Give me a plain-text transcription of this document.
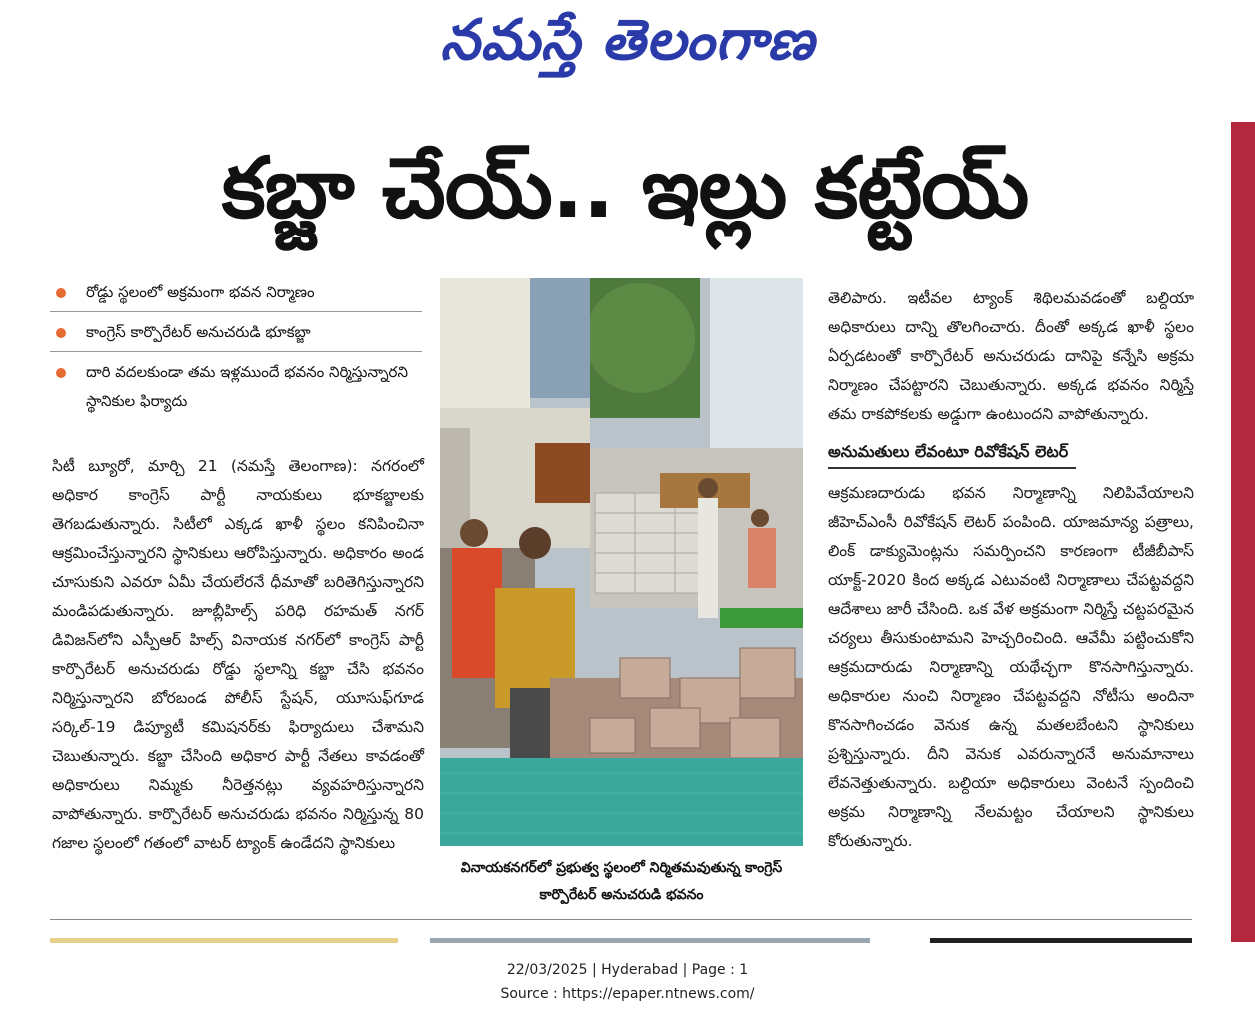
నమస్తే తెలంగాణ
కబ్జా చేయ్.. ఇల్లు కట్టేయ్
రోడ్డు స్థలంలో అక్రమంగా భవన నిర్మాణం
కాంగ్రెస్ కార్పొరేటర్ అనుచరుడి భూకబ్జా
దారి వదలకుండా తమ ఇళ్లముందే భవనం నిర్మిస్తున్నారని స్థానికుల ఫిర్యాదు

సిటీ బ్యూరో, మార్చి 21 (నమస్తే తెలంగాణ): నగరంలో అధికార కాంగ్రెస్ పార్టీ నాయకులు భూకబ్జాలకు తెగబడుతున్నారు. సిటీలో ఎక్కడ ఖాళీ స్థలం కనిపించినా ఆక్రమించేస్తున్నారని స్థానికులు ఆరోపిస్తున్నారు. అధికారం అండ చూసుకుని ఎవరూ ఏమీ చేయలేరనే ధీమాతో బరితెగిస్తున్నారని మండిపడుతున్నారు. జూబ్లీహిల్స్ పరిధి రహమత్ నగర్ డివిజన్‌లోని ఎస్పీఆర్ హిల్స్ వినాయక నగర్‌లో కాంగ్రెస్ పార్టీ కార్పొరేటర్ అనుచరుడు రోడ్డు స్థలాన్ని కబ్జా చేసి భవనం నిర్మిస్తున్నారని బోరబండ పోలీస్ స్టేషన్, యూసుఫ్‌గూడ సర్కిల్-19 డిప్యూటీ కమిషనర్‌కు ఫిర్యాదులు చేశామని చెబుతున్నారు. కబ్జా చేసింది అధికార పార్టీ నేతలు కావడంతో అధికారులు నిమ్మకు నీరెత్తనట్లు వ్యవహరిస్తున్నారని వాపోతున్నారు. కార్పొరేటర్ అనుచరుడు భవనం నిర్మిస్తున్న 80 గజాల స్థలంలో గతంలో వాటర్ ట్యాంక్ ఉండేదని స్థానికులు

వినాయకనగర్‌లో ప్రభుత్వ స్థలంలో నిర్మితమవుతున్న కాంగ్రెస్ కార్పొరేటర్ అనుచరుడి భవనం

తెలిపారు. ఇటీవల ట్యాంక్ శిథిలమవడంతో బల్దియా అధికారులు దాన్ని తొలగించారు. దీంతో అక్కడ ఖాళీ స్థలం ఏర్పడటంతో కార్పొరేటర్ అనుచరుడు దానిపై కన్నేసి అక్రమ నిర్మాణం చేపట్టారని చెబుతున్నారు. అక్కడ భవనం నిర్మిస్తే తమ రాకపోకలకు అడ్డుగా ఉంటుందని వాపోతున్నారు.

అనుమతులు లేవంటూ రివోకేషన్ లెటర్

ఆక్రమణదారుడు భవన నిర్మాణాన్ని నిలిపివేయాలని జీహెచ్ఎంసీ రివోకేషన్ లెటర్ పంపింది. యాజమాన్య పత్రాలు, లింక్ డాక్యుమెంట్లను సమర్పించని కారణంగా టీజీబీపాస్ యాక్ట్-2020 కింద అక్కడ ఎటువంటి నిర్మాణాలు చేపట్టవద్దని ఆదేశాలు జారీ చేసింది. ఒక వేళ అక్రమంగా నిర్మిస్తే చట్టపరమైన చర్యలు తీసుకుంటామని హెచ్చరించింది. ఆవేమీ పట్టించుకోని ఆక్రమదారుడు నిర్మాణాన్ని యథేచ్ఛగా కొనసాగిస్తున్నారు. అధికారుల నుంచి నిర్మాణం చేపట్టవద్దని నోటీసు అందినా కొనసాగించడం వెనుక ఉన్న మతలబేంటని స్థానికులు ప్రశ్నిస్తున్నారు. దీని వెనుక ఎవరున్నారనే అనుమానాలు లేవనెత్తుతున్నారు. బల్దియా అధికారులు వెంటనే స్పందించి అక్రమ నిర్మాణాన్ని నేలమట్టం చేయాలని స్థానికులు కోరుతున్నారు.

22/03/2025 | Hyderabad | Page : 1
Source : https://epaper.ntnews.com/
